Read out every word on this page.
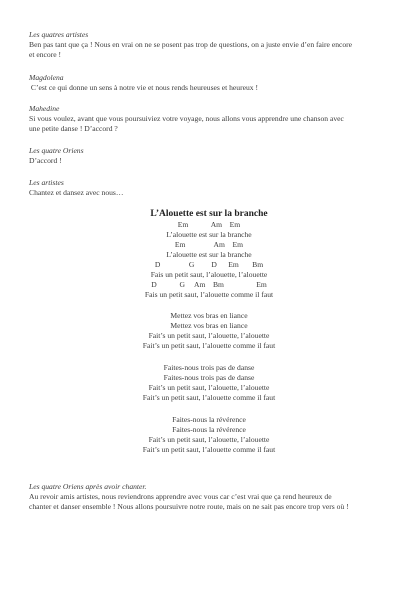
Les quatres artistes
Ben pas tant que ça ! Nous en vrai on ne se posent pas trop de questions, on a juste envie d’en faire encore
et encore !
Magdolena
C’est ce qui donne un sens à notre vie et nous rends heureuses et heureux !
Mahedine
Si vous voulez, avant que vous poursuiviez votre voyage, nous allons vous apprendre une chanson avec
une petite danse ! D’accord ?
Les quatre Oriens
D’accord !
Les artistes
Chantez et dansez avec nous…
L’Alouette est sur la branche
Em            Am    Em
L’alouette est sur la branche
Em               Am    Em
L’alouette est sur la branche
D               G         D      Em       Bm
Fais un petit saut, l’alouette, l’alouette
D            G     Am    Bm                 Em
Fais un petit saut, l’alouette comme il faut
Mettez vos bras en liance
Mettez vos bras en liance
Fait’s un petit saut, l’alouette, l’alouette
Fait’s un petit saut, l’alouette comme il faut
Faites-nous trois pas de danse
Faites-nous trois pas de danse
Fait’s un petit saut, l’alouette, l’alouette
Fait’s un petit saut, l’alouette comme il faut
Faites-nous la révérence
Faites-nous la révérence
Fait’s un petit saut, l’alouette, l’alouette
Fait’s un petit saut, l’alouette comme il faut
Les quatre Oriens après avoir chanter.
Au revoir amis artistes, nous reviendrons apprendre avec vous car c’est vrai que ça rend heureux de
chanter et danser ensemble ! Nous allons poursuivre notre route, mais on ne sait pas encore trop vers où !
